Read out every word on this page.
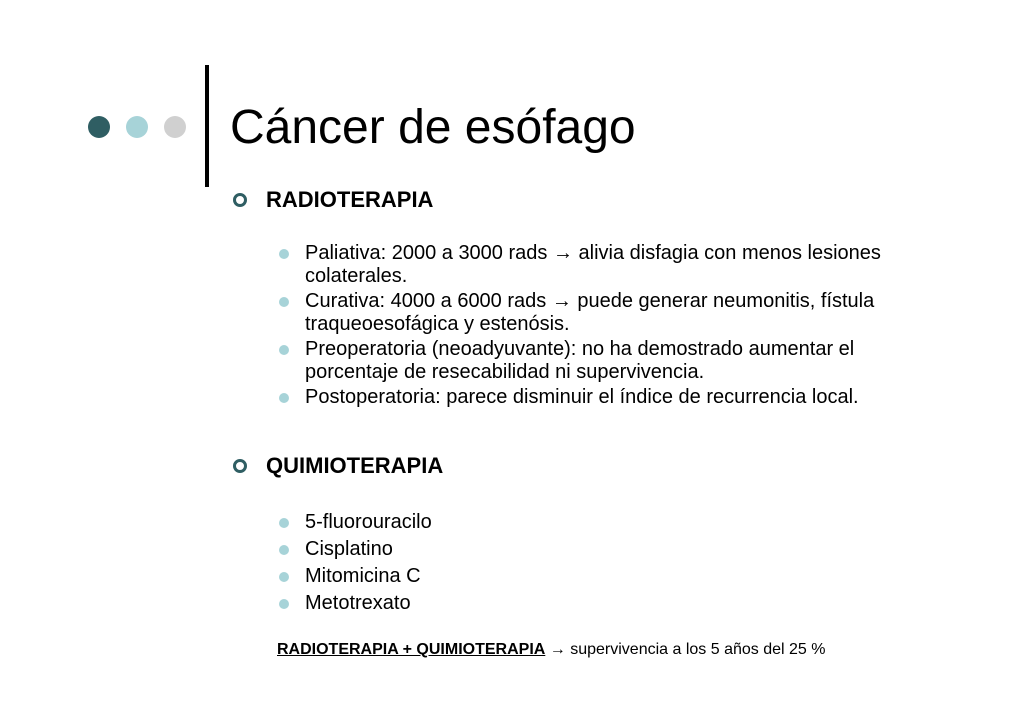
Cáncer de esófago
RADIOTERAPIA
Paliativa: 2000 a 3000 rads → alivia disfagia con menos lesiones colaterales.
Curativa: 4000 a 6000 rads → puede generar neumonitis, fístula traqueoesofágica y estenósis.
Preoperatoria (neoadyuvante): no ha demostrado aumentar el porcentaje de resecabilidad ni supervivencia.
Postoperatoria: parece disminuir el índice de recurrencia local.
QUIMIOTERAPIA
5-fluorouracilo
Cisplatino
Mitomicina C
Metotrexato
RADIOTERAPIA + QUIMIOTERAPIA → supervivencia a los 5 años del 25 %
